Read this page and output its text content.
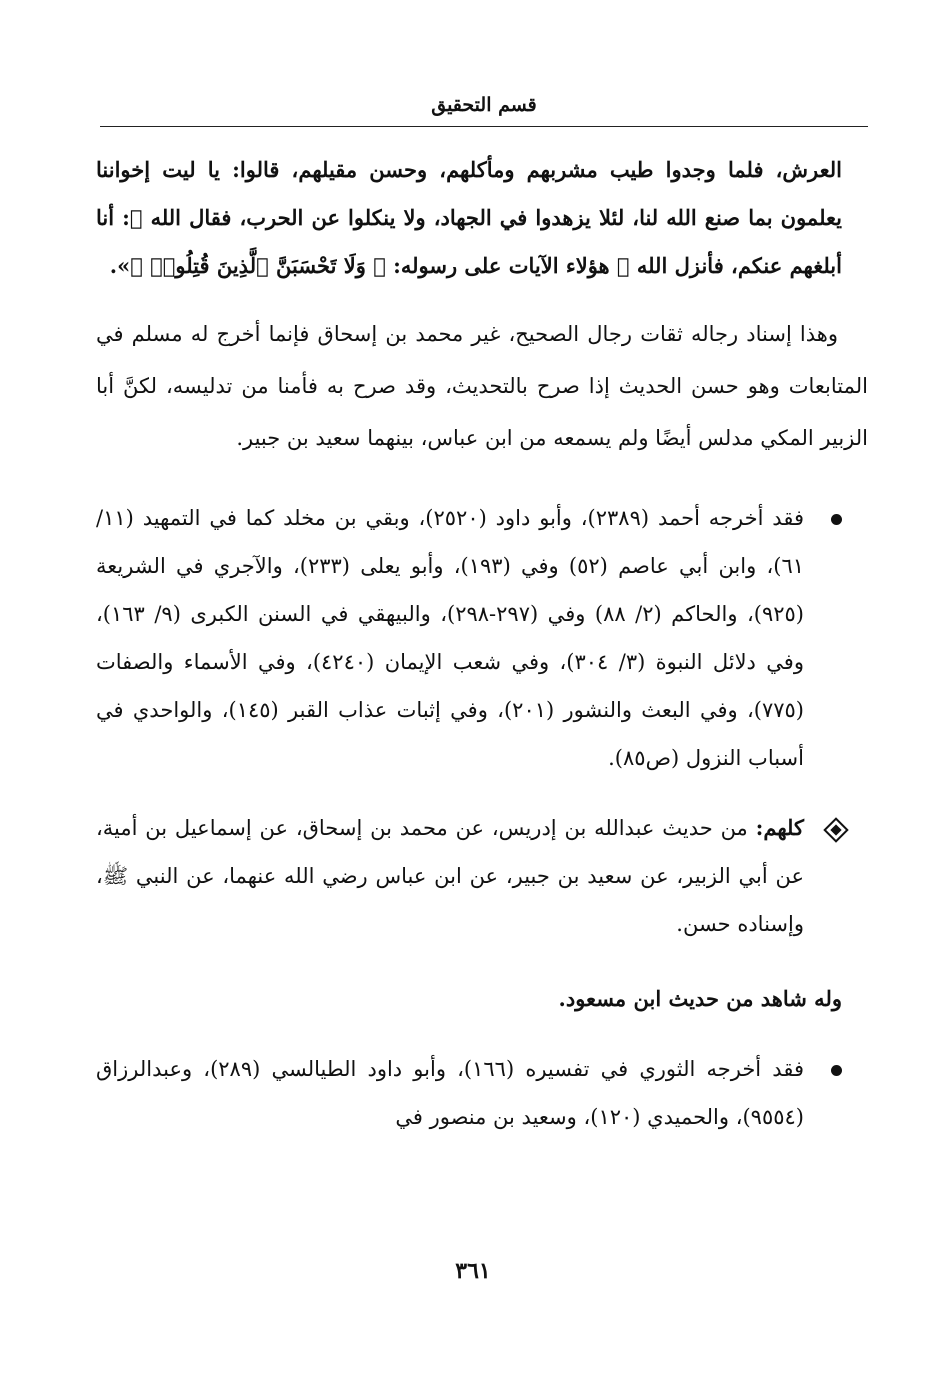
قسم التحقيق

العرش، فلما وجدوا طيب مشربهم ومأكلهم، وحسن مقيلهم، قالوا: يا ليت إخواننا يعلمون بما صنع الله لنا، لئلا يزهدوا في الجهاد، ولا ينكلوا عن الحرب، فقال الله ﷻ: أنا أبلغهم عنكم، فأنزل الله ﷻ هؤلاء الآيات على رسوله: ﴿ وَلَا تَحْسَبَنَّ ٱلَّذِينَ قُتِلُوا۟ ﴾».

وهذا إسناد رجاله ثقات رجال الصحيح، غير محمد بن إسحاق فإنما أخرج له مسلم في المتابعات وهو حسن الحديث إذا صرح بالتحديث، وقد صرح به فأمنا من تدليسه، لكنَّ أبا الزبير المكي مدلس أيضًا ولم يسمعه من ابن عباس، بينهما سعيد بن جبير.

فقد أخرجه أحمد (٢٣٨٩)، وأبو داود (٢٥٢٠)، وبقي بن مخلد كما في التمهيد (١١/ ٦١)، وابن أبي عاصم (٥٢) وفي (١٩٣)، وأبو يعلى (٢٣٣)، والآجري في الشريعة (٩٢٥)، والحاكم (٢/ ٨٨) وفي (٢٩٧-٢٩٨)، والبيهقي في السنن الكبرى (٩/ ١٦٣)، وفي دلائل النبوة (٣/ ٣٠٤)، وفي شعب الإيمان (٤٢٤٠)، وفي الأسماء والصفات (٧٧٥)، وفي البعث والنشور (٢٠١)، وفي إثبات عذاب القبر (١٤٥)، والواحدي في أسباب النزول (ص٨٥).
كلهم: من حديث عبدالله بن إدريس، عن محمد بن إسحاق، عن إسماعيل بن أمية، عن أبي الزبير، عن سعيد بن جبير، عن ابن عباس رضي الله عنهما، عن النبي ﷺ، وإسناده حسن.

وله شاهد من حديث ابن مسعود.

فقد أخرجه الثوري في تفسيره (١٦٦)، وأبو داود الطيالسي (٢٨٩)، وعبدالرزاق (٩٥٥٤)، والحميدي (١٢٠)، وسعيد بن منصور في
٣٦١
